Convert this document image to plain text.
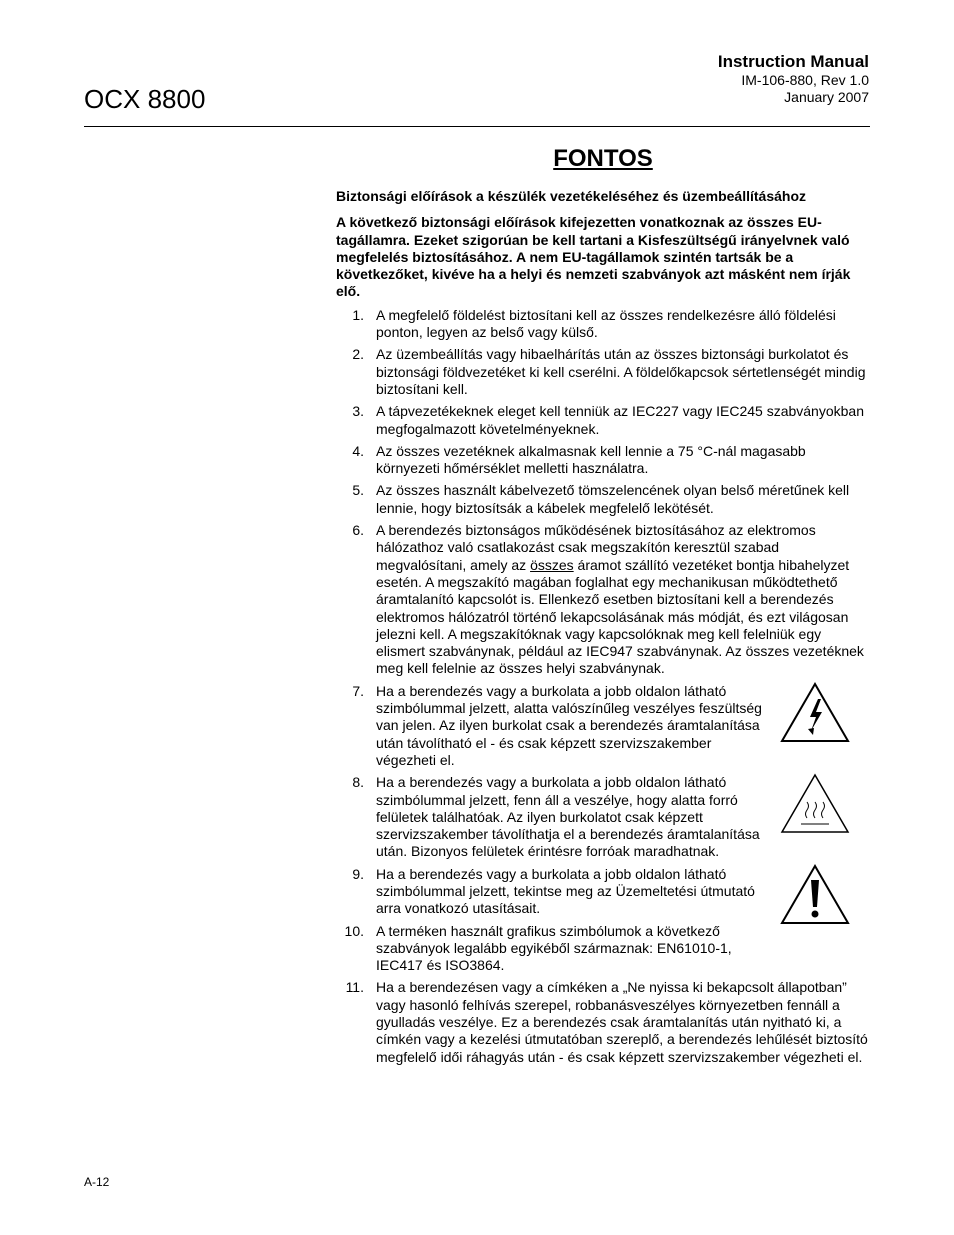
OCX 8800
Instruction Manual
IM-106-880, Rev 1.0
January 2007
FONTOS
Biztonsági előírások a készülék vezetékeléséhez és üzembeállításához
A következő biztonsági előírások kifejezetten vonatkoznak az összes EU-tagállamra. Ezeket szigorúan be kell tartani a Kisfeszültségű irányelvnek való megfelelés biztosításához. A nem EU-tagállamok szintén tartsák be a következőket, kivéve ha a helyi és nemzeti szabványok azt másként nem írják elő.
1. A megfelelő földelést biztosítani kell az összes rendelkezésre álló földelési ponton, legyen az belső vagy külső.
2. Az üzembeállítás vagy hibaelhárítás után az összes biztonsági burkolatot és biztonsági földvezetéket ki kell cserélni. A földelőkapcsok sértetlenségét mindig biztosítani kell.
3. A tápvezetékeknek eleget kell tenniük az IEC227 vagy IEC245 szabványokban megfogalmazott követelményeknek.
4. Az összes vezetéknek alkalmasnak kell lennie a 75 °C-nál magasabb környezeti hőmérséklet melletti használatra.
5. Az összes használt kábelvezető tömszelencének olyan belső méretűnek kell lennie, hogy biztosítsák a kábelek megfelelő lekötését.
6. A berendezés biztonságos működésének biztosításához az elektromos hálózathoz való csatlakozást csak megszakítón keresztül szabad megvalósítani, amely az összes áramot szállító vezetéket bontja hibahelyzet esetén. A megszakító magában foglalhat egy mechanikusan működtethető áramtalanító kapcsolót is. Ellenkező esetben biztosítani kell a berendezés elektromos hálózatról történő lekapcsolásának más módját, és ezt világosan jelezni kell. A megszakítóknak vagy kapcsolóknak meg kell felelniük egy elismert szabványnak, például az IEC947 szabványnak. Az összes vezetéknek meg kell felelnie az összes helyi szabványnak.
7. Ha a berendezés vagy a burkolata a jobb oldalon látható szimbólummal jelzett, alatta valószínűleg veszélyes feszültség van jelen. Az ilyen burkolat csak a berendezés áramtalanítása után távolítható el - és csak képzett szervizszakember végezheti el.
8. Ha a berendezés vagy a burkolata a jobb oldalon látható szimbólummal jelzett, fenn áll a veszélye, hogy alatta forró felületek találhatóak. Az ilyen burkolatot csak képzett szervizszakember távolíthatja el a berendezés áramtalanítása után. Bizonyos felületek érintésre forróak maradhatnak.
9. Ha a berendezés vagy a burkolata a jobb oldalon látható szimbólummal jelzett, tekintse meg az Üzemeltetési útmutató arra vonatkozó utasításait.
10. A terméken használt grafikus szimbólumok a következő szabványok legalább egyikéből származnak: EN61010-1, IEC417 és ISO3864.
11. Ha a berendezésen vagy a címkéken a „Ne nyissa ki bekapcsolt állapotban” vagy hasonló felhívás szerepel, robbanásveszélyes környezetben fennáll a gyulladás veszélye. Ez a berendezés csak áramtalanítás után nyitható ki, a címkén vagy a kezelési útmutatóban szereplő, a berendezés lehűlését biztosító megfelelő idői ráhagyás után - és csak képzett szervizszakember végezheti el.
A-12
